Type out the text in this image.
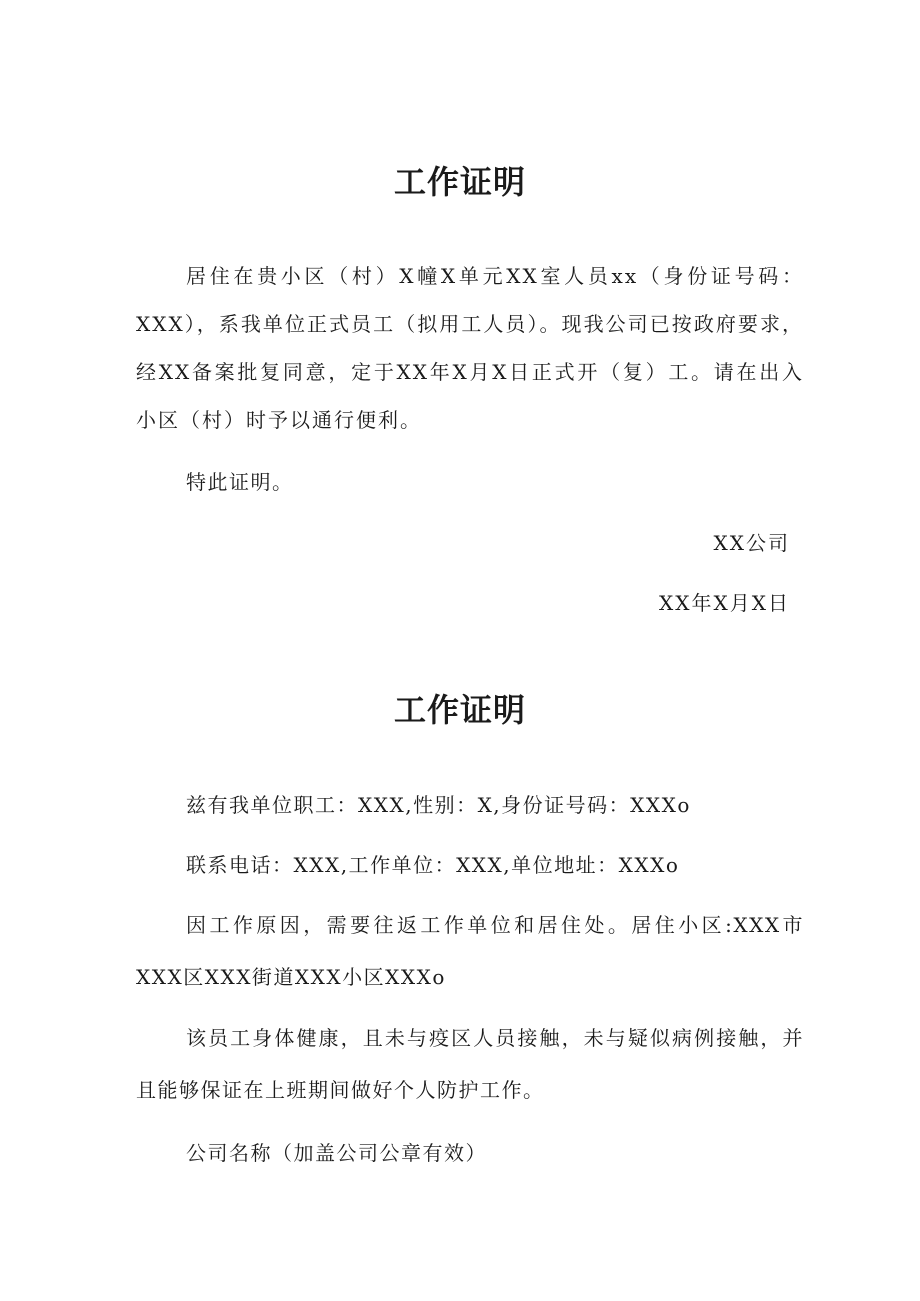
工作证明

居住在贵小区（村）X幢X单元XX室人员xx（身份证号码：XXX），系我单位正式员工（拟用工人员）。现我公司已按政府要求，经XX备案批复同意，定于XX年X月X日正式开（复）工。请在出入小区（村）时予以通行便利。

特此证明。

XX公司

XX年X月X日

工作证明

兹有我单位职工：XXX,性别：X,身份证号码：XXXo

联系电话：XXX,工作单位：XXX,单位地址：XXXo

因工作原因，需要往返工作单位和居住处。居住小区:XXX市XXX区XXX街道XXX小区XXXo

该员工身体健康，且未与疫区人员接触，未与疑似病例接触，并且能够保证在上班期间做好个人防护工作。

公司名称（加盖公司公章有效）
